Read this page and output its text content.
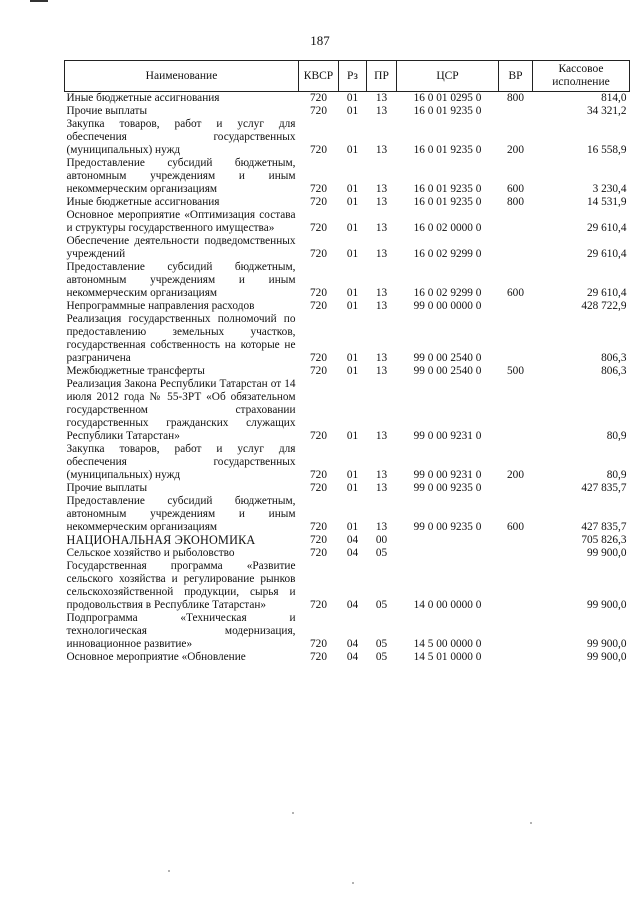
187
Наименование	КВСР	Рз	ПР	ЦСР	ВР	Кассовое исполнение
Иные бюджетные ассигнования	720	01	13	16 0 01 0295 0	800	814,0
Прочие выплаты	720	01	13	16 0 01 9235 0		34 321,2
Закупка товаров, работ и услуг для обеспечения государственных (муниципальных) нужд	720	01	13	16 0 01 9235 0	200	16 558,9
Предоставление субсидий бюджетным, автономным учреждениям и иным некоммерческим организациям	720	01	13	16 0 01 9235 0	600	3 230,4
Иные бюджетные ассигнования	720	01	13	16 0 01 9235 0	800	14 531,9
Основное мероприятие «Оптимизация состава и структуры государственного имущества»	720	01	13	16 0 02 0000 0		29 610,4
Обеспечение деятельности подведомственных учреждений	720	01	13	16 0 02 9299 0		29 610,4
Предоставление субсидий бюджетным, автономным учреждениям и иным некоммерческим организациям	720	01	13	16 0 02 9299 0	600	29 610,4
Непрограммные направления расходов	720	01	13	99 0 00 0000 0		428 722,9
Реализация государственных полномочий по предоставлению земельных участков, государственная собственность на которые не разграничена	720	01	13	99 0 00 2540 0		806,3
Межбюджетные трансферты	720	01	13	99 0 00 2540 0	500	806,3
Реализация Закона Республики Татарстан от 14 июля 2012 года № 55-ЗРТ «Об обязательном государственном страховании государственных гражданских служащих Республики Татарстан»	720	01	13	99 0 00 9231 0		80,9
Закупка товаров, работ и услуг для обеспечения государственных (муниципальных) нужд	720	01	13	99 0 00 9231 0	200	80,9
Прочие выплаты	720	01	13	99 0 00 9235 0		427 835,7
Предоставление субсидий бюджетным, автономным учреждениям и иным некоммерческим организациям	720	01	13	99 0 00 9235 0	600	427 835,7
НАЦИОНАЛЬНАЯ ЭКОНОМИКА	720	04	00			705 826,3
Сельское хозяйство и рыболовство	720	04	05			99 900,0
Государственная программа «Развитие сельского хозяйства и регулирование рынков сельскохозяйственной продукции, сырья и продовольствия в Республике Татарстан»	720	04	05	14 0 00 0000 0		99 900,0
Подпрограмма «Техническая и технологическая модернизация, инновационное развитие»	720	04	05	14 5 00 0000 0		99 900,0
Основное мероприятие «Обновление	720	04	05	14 5 01 0000 0		99 900,0
